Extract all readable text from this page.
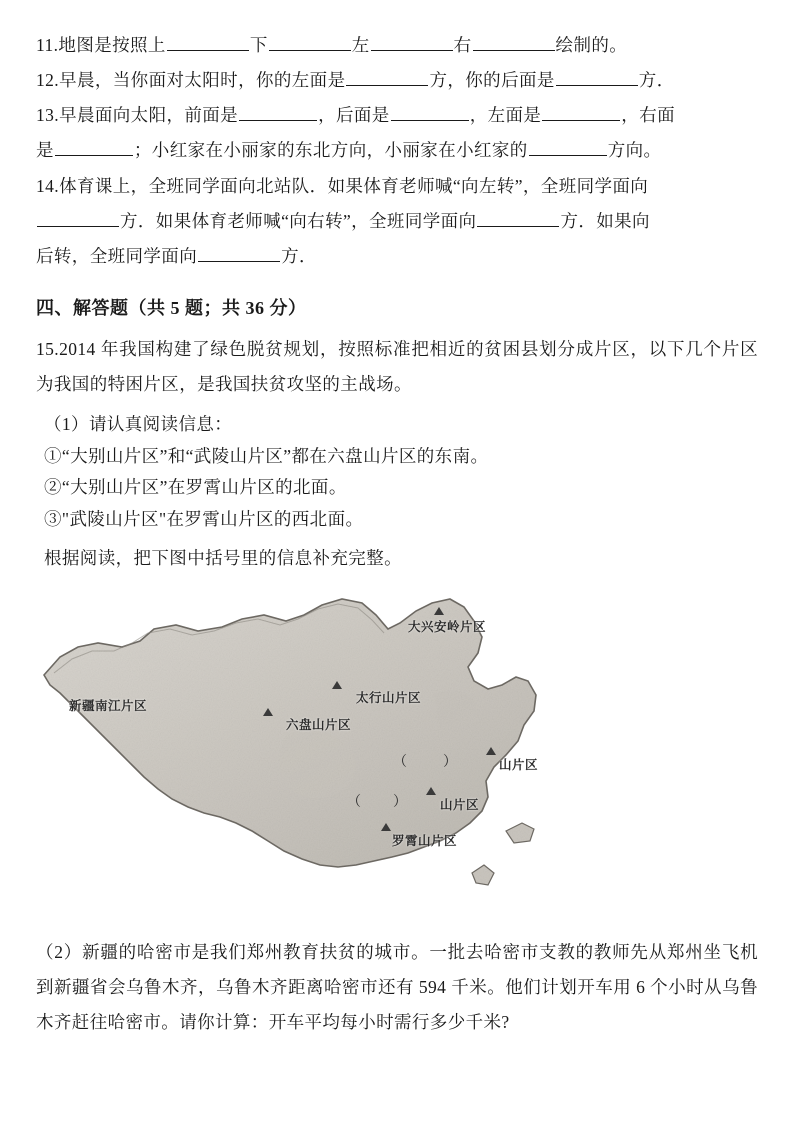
11.地图是按照上	下	左	右	绘制的。

12.早晨，当你面对太阳时，你的左面是	方，你的后面是	方．

13.早晨面向太阳，前面是	，后面是	，左面是	，右面

是	；小红家在小丽家的东北方向，小丽家在小红家的	方向。

14.体育课上，全班同学面向北站队．如果体育老师喊“向左转”，全班同学面向

方．如果体育老师喊“向右转”，全班同学面向	方．如果向

后转，全班同学面向	方．

四、解答题（共 5 题；共 36 分）

15.2014 年我国构建了绿色脱贫规划，按照标准把相近的贫困县划分成片区，以下几个片区为我国的特困片区，是我国扶贫攻坚的主战场。

（1）请认真阅读信息：

①“大别山片区”和“武陵山片区”都在六盘山片区的东南。

②“大别山片区”在罗霄山片区的北面。

③"武陵山片区"在罗霄山片区的西北面。

根据阅读，把下图中括号里的信息补充完整。

大兴安岭片区
太行山片区
新疆南江片区
六盘山片区
（	）	山片区
（ ）	山片区
罗霄山片区

（2）新疆的哈密市是我们郑州教育扶贫的城市。一批去哈密市支教的教师先从郑州坐飞机到新疆省会乌鲁木齐，乌鲁木齐距离哈密市还有 594 千米。他们计划开车用 6 个小时从乌鲁木齐赶往哈密市。请你计算：开车平均每小时需行多少千米?
